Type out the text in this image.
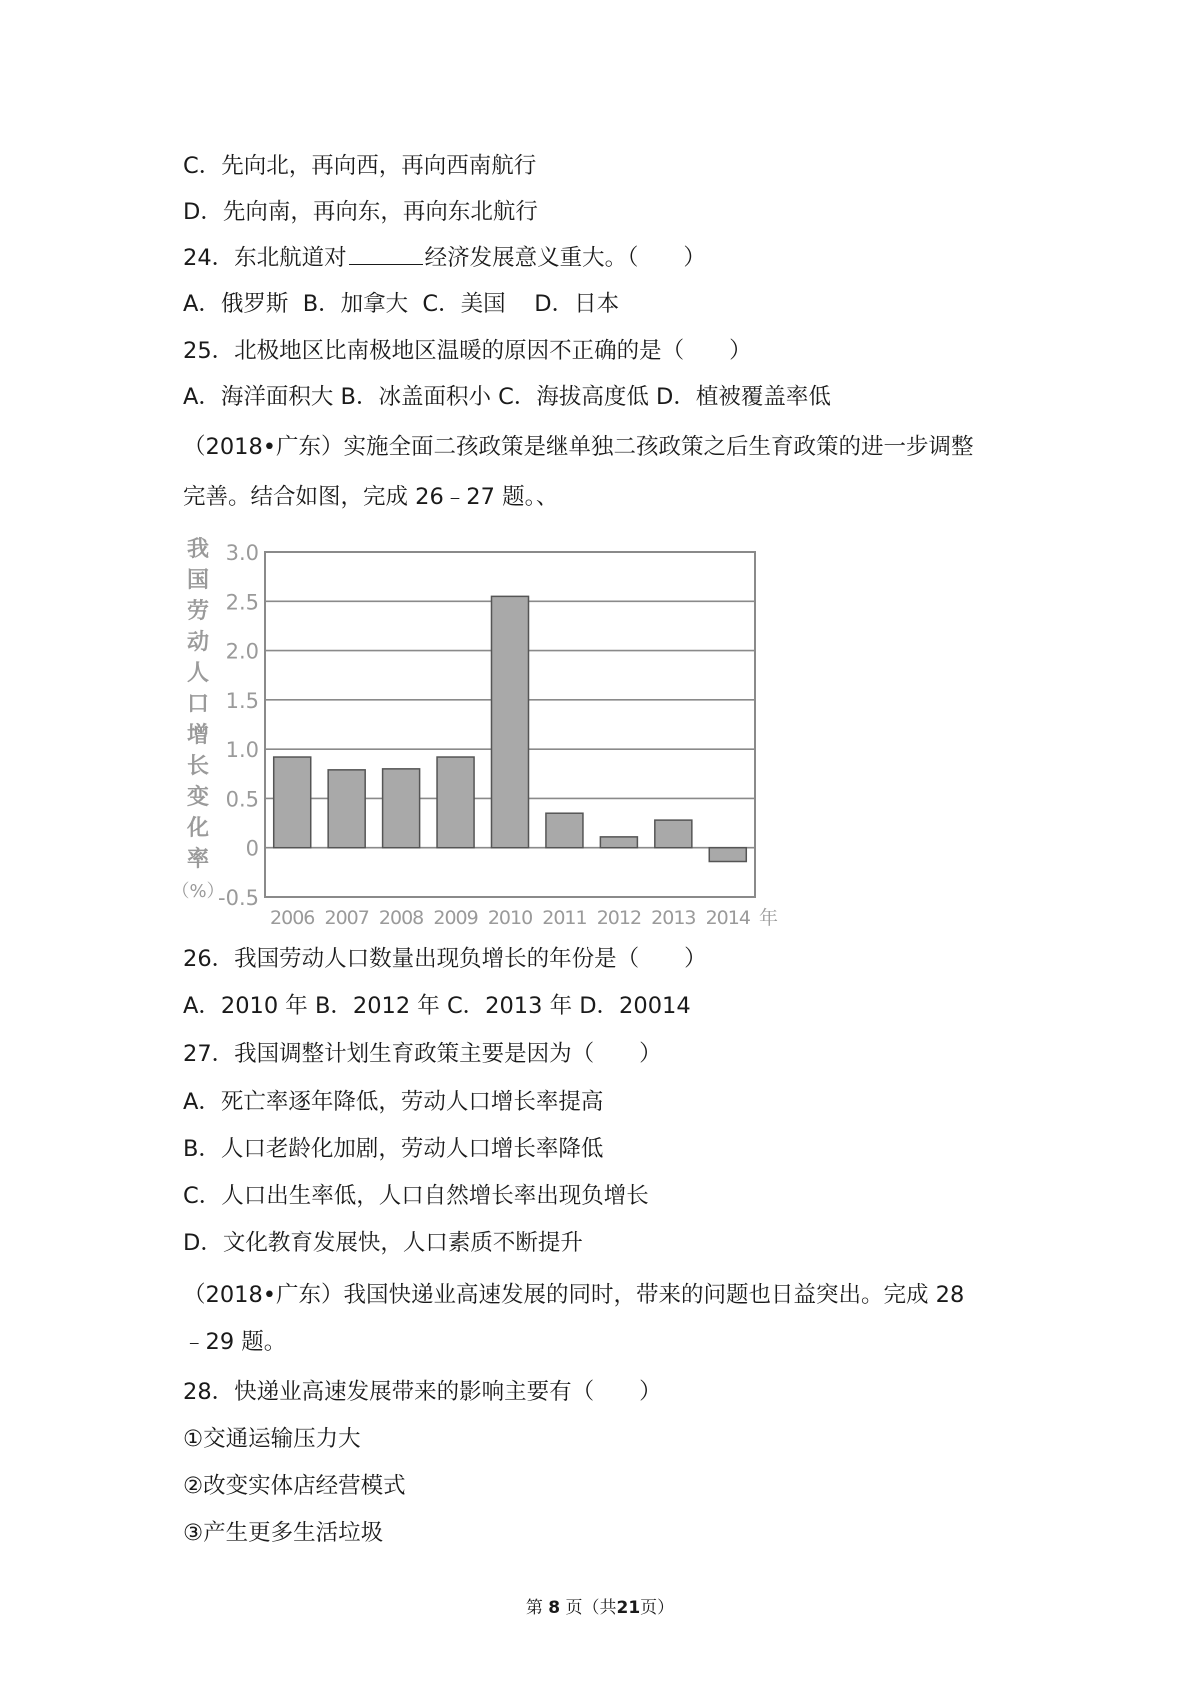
C．先向北，再向西，再向西南航行

D．先向南，再向东，再向东北航行

24．东北航道对	经济发展意义重大。（　　）

A．俄罗斯  B．加拿大  C．美国    D．日本

25．北极地区比南极地区温暖的原因不正确的是（　　）

A．海洋面积大 B．冰盖面积小 C．海拔高度低 D．植被覆盖率低

（2018•广东）实施全面二孩政策是继单独二孩政策之后生育政策的进一步调整

完善。结合如图，完成 26﹣27 题。、

3.0
2.5
2.0
1.5
1.0
0.5
0
-0.5
2006 2007 2008 2009 2010 2011 2012 2013 2014 年
我
国
劳
动
人
口
增
长
变
化
率
（%）

26．我国劳动人口数量出现负增长的年份是（　　）

A．2010 年 B．2012 年 C．2013 年 D．20014

27．我国调整计划生育政策主要是因为（　　）

A．死亡率逐年降低，劳动人口增长率提高

B．人口老龄化加剧，劳动人口增长率降低

C．人口出生率低，人口自然增长率出现负增长

D．文化教育发展快，人口素质不断提升

（2018•广东）我国快递业高速发展的同时，带来的问题也日益突出。完成 28

﹣29 题。

28．快递业高速发展带来的影响主要有（　　）

①交通运输压力大

②改变实体店经营模式

③产生更多生活垃圾

第 8 页（共21页）
